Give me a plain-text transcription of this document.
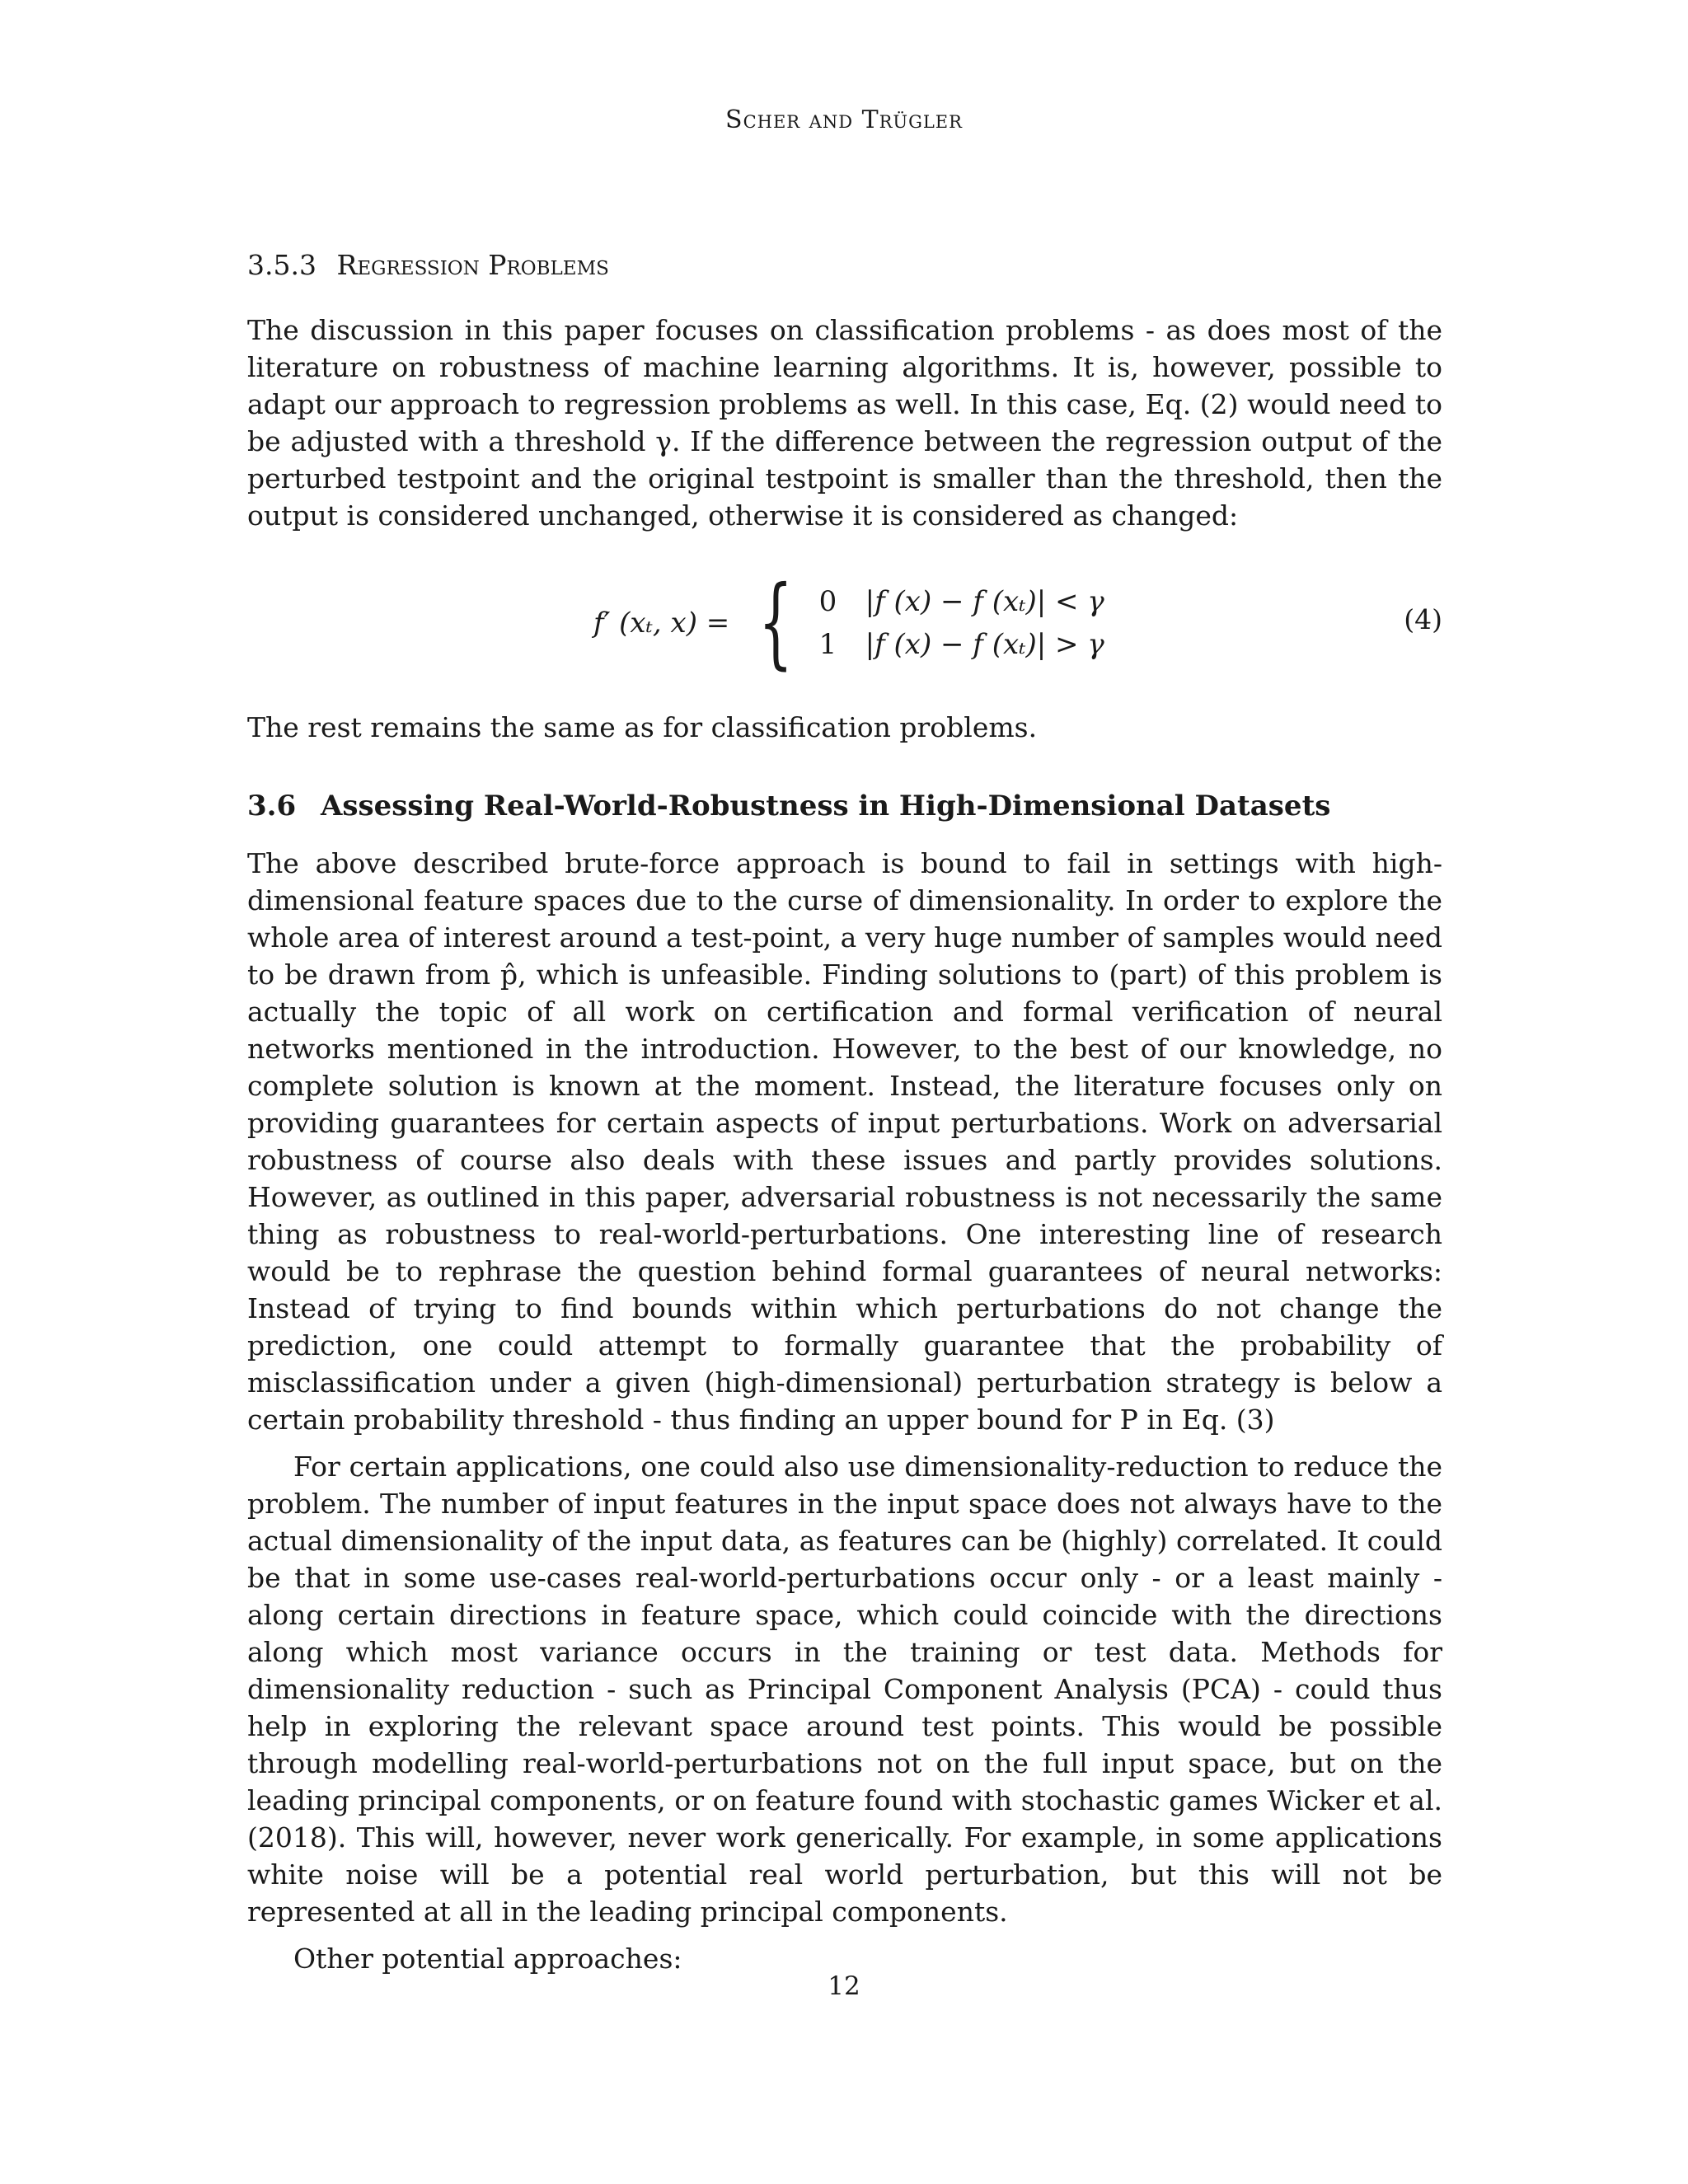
Scher and Trügler
3.5.3 Regression Problems

The discussion in this paper focuses on classification problems - as does most of the literature on robustness of machine learning algorithms. It is, however, possible to adapt our approach to regression problems as well. In this case, Eq. (2) would need to be adjusted with a threshold γ. If the difference between the regression output of the perturbed testpoint and the original testpoint is smaller than the threshold, then the output is considered unchanged, otherwise it is considered as changed:

f′ (xₜ, x) = { 0	|f (x) − f (xₜ)| < γ
1	|f (x) − f (xₜ)| > γ
(4)

The rest remains the same as for classification problems.

3.6 Assessing Real-World-Robustness in High-Dimensional Datasets

The above described brute-force approach is bound to fail in settings with high-dimensional feature spaces due to the curse of dimensionality. In order to explore the whole area of interest around a test-point, a very huge number of samples would need to be drawn from p̂, which is unfeasible. Finding solutions to (part) of this problem is actually the topic of all work on certification and formal verification of neural networks mentioned in the introduction. However, to the best of our knowledge, no complete solution is known at the moment. Instead, the literature focuses only on providing guarantees for certain aspects of input perturbations. Work on adversarial robustness of course also deals with these issues and partly provides solutions. However, as outlined in this paper, adversarial robustness is not necessarily the same thing as robustness to real-world-perturbations. One interesting line of research would be to rephrase the question behind formal guarantees of neural networks: Instead of trying to find bounds within which perturbations do not change the prediction, one could attempt to formally guarantee that the probability of misclassification under a given (high-dimensional) perturbation strategy is below a certain probability threshold - thus finding an upper bound for P in Eq. (3)

For certain applications, one could also use dimensionality-reduction to reduce the problem. The number of input features in the input space does not always have to the actual dimensionality of the input data, as features can be (highly) correlated. It could be that in some use-cases real-world-perturbations occur only - or a least mainly - along certain directions in feature space, which could coincide with the directions along which most variance occurs in the training or test data. Methods for dimensionality reduction - such as Principal Component Analysis (PCA) - could thus help in exploring the relevant space around test points. This would be possible through modelling real-world-perturbations not on the full input space, but on the leading principal components, or on feature found with stochastic games Wicker et al. (2018). This will, however, never work generically. For example, in some applications white noise will be a potential real world perturbation, but this will not be represented at all in the leading principal components.

Other potential approaches:

12
